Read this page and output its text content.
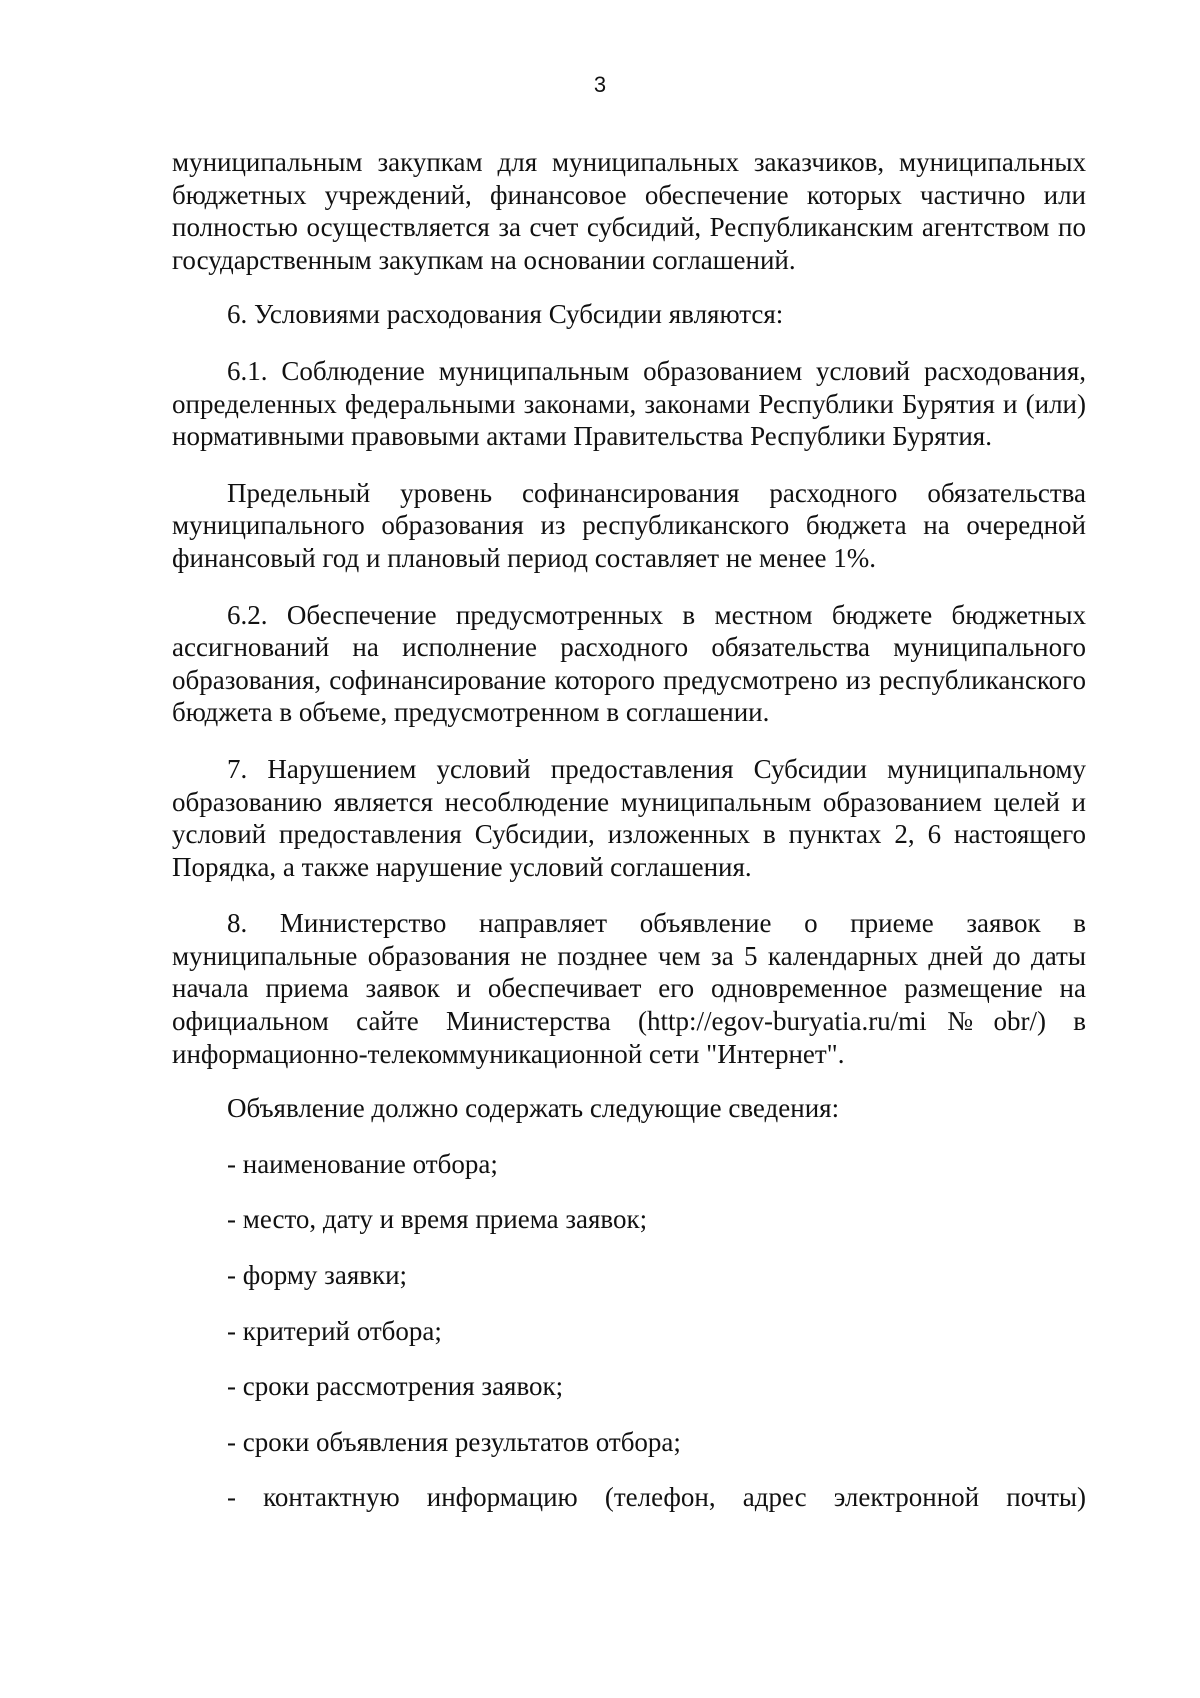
3

муниципальным закупкам для муниципальных заказчиков, муниципальных бюджетных учреждений, финансовое обеспечение которых частично или полностью осуществляется за счет субсидий, Республиканским агентством по государственным закупкам на основании соглашений.

6. Условиями расходования Субсидии являются:

6.1. Соблюдение муниципальным образованием условий расходования, определенных федеральными законами, законами Республики Бурятия и (или) нормативными правовыми актами Правительства Республики Бурятия.

Предельный уровень софинансирования расходного обязательства муниципального образования из республиканского бюджета на очередной финансовый год и плановый период составляет не менее 1%.

6.2. Обеспечение предусмотренных в местном бюджете бюджетных ассигнований на исполнение расходного обязательства муниципального образования, софинансирование которого предусмотрено из республиканского бюджета в объеме, предусмотренном в соглашении.

7. Нарушением условий предоставления Субсидии муниципальному образованию является несоблюдение муниципальным образованием целей и условий предоставления Субсидии, изложенных в пунктах 2, 6 настоящего Порядка, а также нарушение условий соглашения.

8. Министерство направляет объявление о приеме заявок в муниципальные образования не позднее чем за 5 календарных дней до даты начала приема заявок и обеспечивает его одновременное размещение на официальном сайте Министерства (http://egov-buryatia.ru/mi№obr/) в информационно-телекоммуникационной сети "Интернет".

Объявление должно содержать следующие сведения:

- наименование отбора;

- место, дату и время приема заявок;

- форму заявки;

- критерий отбора;

- сроки рассмотрения заявок;

- сроки объявления результатов отбора;

- контактную информацию (телефон, адрес электронной почты)
